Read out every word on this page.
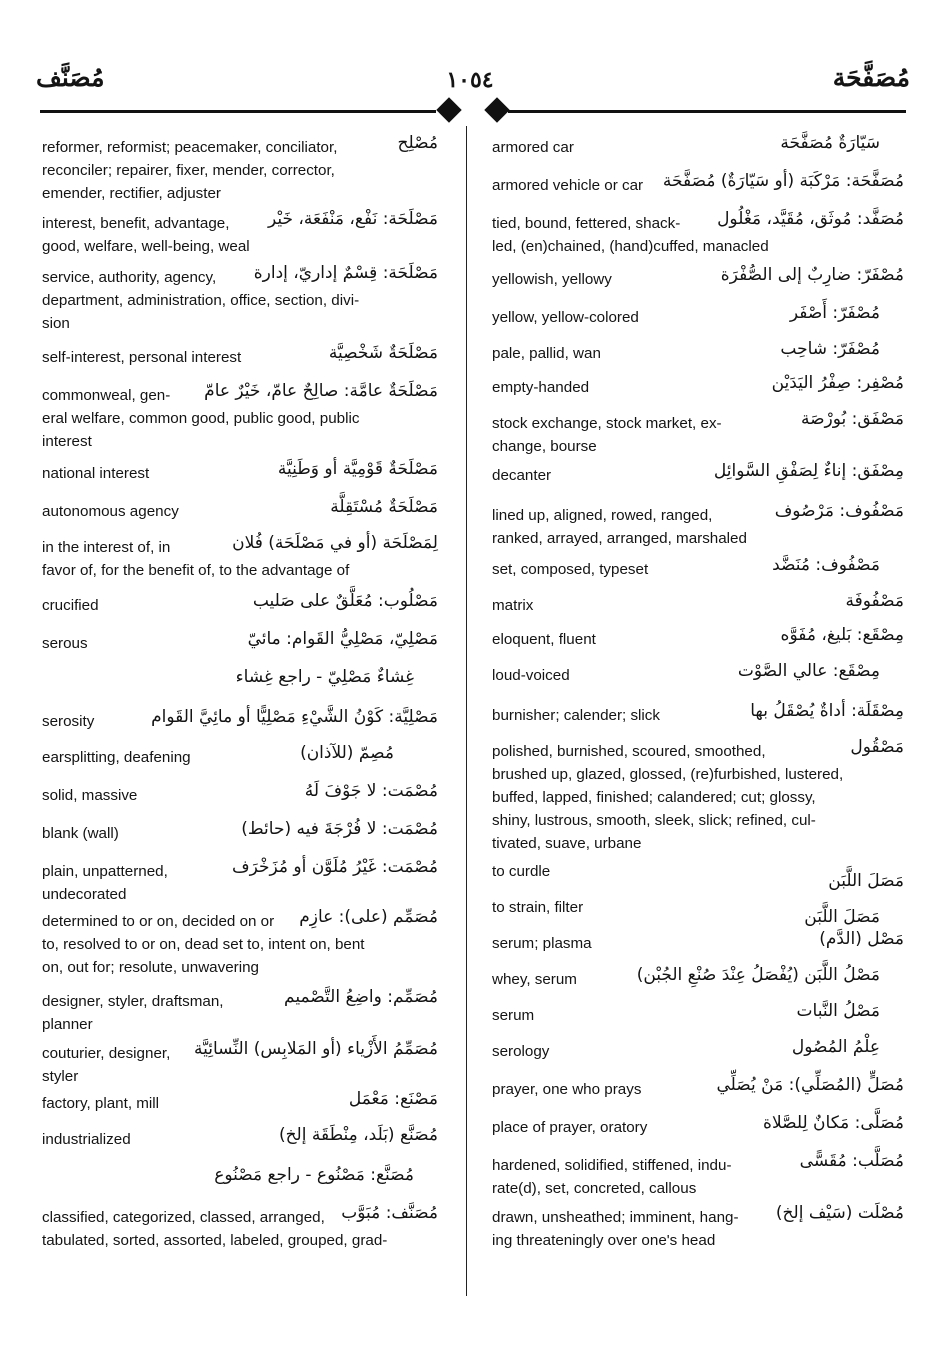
مُصَنَّف	١٠٥٤	مُصَفَّحَة
مُصْلِح
reformer, reformist; peacemaker, conciliator,
reconciler; repairer, fixer, mender, corrector,
emender, rectifier, adjuster
مَصْلَحَة: نَفْع، مَنْفَعَة، خَيْر
interest, benefit, advantage,
good, welfare, well-being, weal
مَصْلَحَة: قِسْمٌ إداريّ، إدارة
service, authority, agency,
department, administration, office, section, divi-
sion
مَصْلَحَةٌ شَخْصِيَّة
self-interest, personal interest
مَصْلَحَةٌ عامَّة: صالِحٌ عامّ، خَيْرٌ عامّ
commonweal, gen-
eral welfare, common good, public good, public
interest
مَصْلَحَةٌ قَوْمِيَّة أو وَطَنِيَّة
national interest
مَصْلَحَةٌ مُسْتَقِلَّة
autonomous agency
لِمَصْلَحَة (أو في مَصْلَحَة) فُلان
in the interest of, in
favor of, for the benefit of, to the advantage of
مَصْلُوب: مُعَلَّقٌ على صَليب
crucified
مَصْلِيّ، مَصْلِيُّ القَوام: مائيّ
serous
غِشاءٌ مَصْلِيّ - راجع غِشاء
مَصْلِيَّة: كَوْنُ الشَّيْءِ مَصْلِيًّا أو مائِيَّ القَوام
serosity
مُصِمّ (للآذان)
earsplitting, deafening
مُصْمَت: لا جَوْفَ لَهُ
solid, massive
مُصْمَت: لا فُرْجَةَ فيه (حائط)
blank (wall)
مُصْمَت: غَيْرُ مُلَوَّن أو مُزَخْرَف
plain, unpatterned,
undecorated
مُصَمِّم (على): عازِم
determined to or on, decided on or
to, resolved to or on, dead set to, intent on, bent
on, out for; resolute, unwavering
مُصَمِّم: واضِعُ التَّصْميم
designer, styler, draftsman,
planner
مُصَمِّمُ الأَزْياء (أو المَلابِس) النِّسائِيَّة
couturier, designer,
styler
مَصْنَع: مَعْمَل
factory, plant, mill
مُصَنَّع (بَلَد، مِنْطَقَة إلخ)
industrialized
مُصَنَّع: مَصْنُوع - راجع مَصْنُوع
مُصَنَّف: مُبَوَّب
classified, categorized, classed, arranged,
tabulated, sorted, assorted, labeled, grouped, grad-
سَيّارَةٌ مُصَفَّحَة
armored car
مُصَفَّحَة: مَرْكَبَة (أو سَيّارَةٌ) مُصَفَّحَة
armored vehicle or car
مُصَفَّد: مُوثَق، مُقَيَّد، مَغْلُول
tied, bound, fettered, shack-
led, (en)chained, (hand)cuffed, manacled
مُصْفَرّ: ضارِبٌ إلى الصُّفْرَة
yellowish, yellowy
مُصْفَرّ: أَصْفَر
yellow, yellow-colored
مُصْفَرّ: شاحِب
pale, pallid, wan
مُصْفِر: صِفْرُ اليَدَيْن
empty-handed
مَصْفَق: بُورْصَة
stock exchange, stock market, ex-
change, bourse
مِصْفَق: إناءٌ لِصَفْقِ السَّوائِل
decanter
مَصْفُوف: مَرْصُوف
lined up, aligned, rowed, ranged,
ranked, arrayed, arranged, marshaled
مَصْفُوف: مُنَضَّد
set, composed, typeset
مَصْفُوفَة
matrix
مِصْقَع: بَليغ، مُفَوَّه
eloquent, fluent
مِصْقَع: عالي الصَّوْت
loud-voiced
مِصْقَلَة: أداةٌ يُصْقَلُ بها
burnisher; calender; slick
مَصْقُول
polished, burnished, scoured, smoothed,
brushed up, glazed, glossed, (re)furbished, lustered,
buffed, lapped, finished; calandered; cut; glossy,
shiny, lustrous, smooth, sleek, slick; refined, cul-
tivated, suave, urbane
مَصَلَ اللَّبَن
to curdle
مَصَلَ اللَّبَن
to strain, filter
مَصْل (الدَّم)
serum; plasma
مَصْلُ اللَّبَن (يُفْصَلُ عِنْدَ صُنْعِ الجُبْن)
whey, serum
مَصْلُ النَّبات
serum
عِلْمُ المُصُول
serology
مُصَلٍّ (المُصَلِّي): مَنْ يُصَلِّي
prayer, one who prays
مُصَلَّى: مَكانٌ لِلصَّلاة
place of prayer, oratory
مُصَلَّب: مُقَسًّى
hardened, solidified, stiffened, indu-
rate(d), set, concreted, callous
مُصْلَت (سَيْف إلخ)
drawn, unsheathed; imminent, hang-
ing threateningly over one's head
